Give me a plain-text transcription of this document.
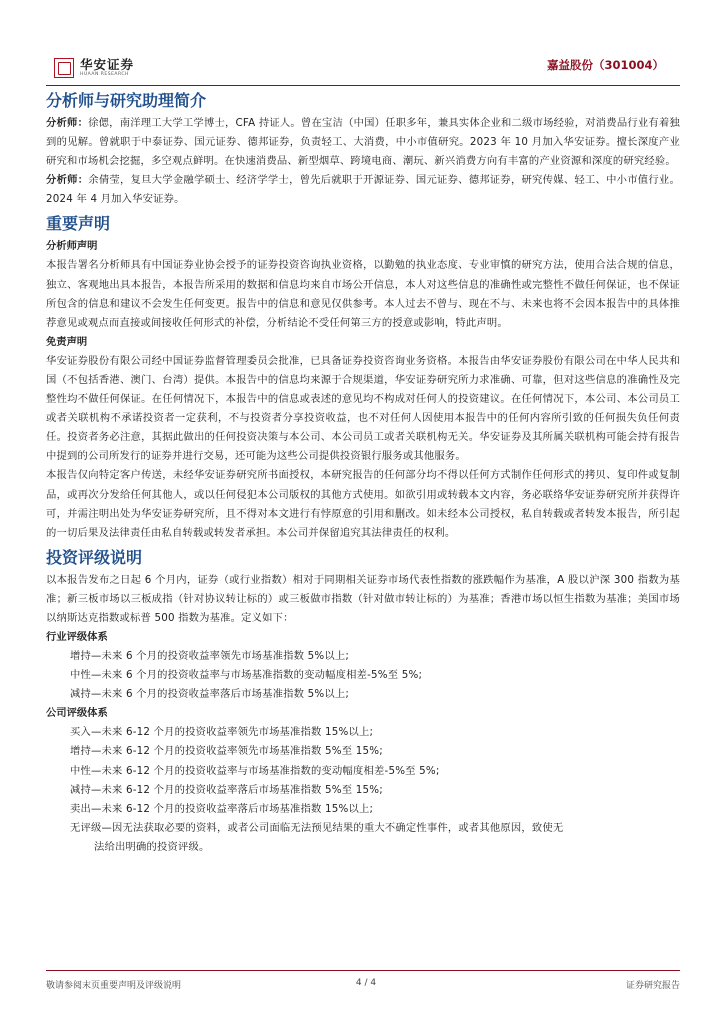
华安证券
HUAAN RESEARCH
嘉益股份（301004）
分析师与研究助理简介
分析师：徐偲，南洋理工大学工学博士，CFA 持证人。曾在宝洁（中国）任职多年，兼具实体企业和二级市场经验，对消费品行业有着独到的见解。曾就职于中泰证券、国元证券、德邦证券，负责轻工、大消费，中小市值研究。2023 年 10 月加入华安证券。擅长深度产业研究和市场机会挖掘，多空观点鲜明。在快速消费品、新型烟草、跨境电商、潮玩、新兴消费方向有丰富的产业资源和深度的研究经验。
分析师：余倩莹，复旦大学金融学硕士、经济学学士，曾先后就职于开源证券、国元证券、德邦证券，研究传媒、轻工、中小市值行业。2024 年 4 月加入华安证券。
重要声明
分析师声明
本报告署名分析师具有中国证券业协会授予的证券投资咨询执业资格，以勤勉的执业态度、专业审慎的研究方法，使用合法合规的信息，独立、客观地出具本报告，本报告所采用的数据和信息均来自市场公开信息，本人对这些信息的准确性或完整性不做任何保证，也不保证所包含的信息和建议不会发生任何变更。报告中的信息和意见仅供参考。本人过去不曾与、现在不与、未来也将不会因本报告中的具体推荐意见或观点而直接或间接收任何形式的补偿，分析结论不受任何第三方的授意或影响，特此声明。
免责声明
华安证券股份有限公司经中国证券监督管理委员会批准，已具备证券投资咨询业务资格。本报告由华安证券股份有限公司在中华人民共和国（不包括香港、澳门、台湾）提供。本报告中的信息均来源于合规渠道，华安证券研究所力求准确、可靠，但对这些信息的准确性及完整性均不做任何保证。在任何情况下，本报告中的信息或表述的意见均不构成对任何人的投资建议。在任何情况下，本公司、本公司员工或者关联机构不承诺投资者一定获利，不与投资者分享投资收益，也不对任何人因使用本报告中的任何内容所引致的任何损失负任何责任。投资者务必注意，其据此做出的任何投资决策与本公司、本公司员工或者关联机构无关。华安证券及其所属关联机构可能会持有报告中提到的公司所发行的证券并进行交易，还可能为这些公司提供投资银行服务或其他服务。
本报告仅向特定客户传送，未经华安证券研究所书面授权，本研究报告的任何部分均不得以任何方式制作任何形式的拷贝、复印件或复制品，或再次分发给任何其他人，或以任何侵犯本公司版权的其他方式使用。如欲引用或转载本文内容，务必联络华安证券研究所并获得许可，并需注明出处为华安证券研究所，且不得对本文进行有悖原意的引用和删改。如未经本公司授权，私自转载或者转发本报告，所引起的一切后果及法律责任由私自转载或转发者承担。本公司并保留追究其法律责任的权利。
投资评级说明
以本报告发布之日起 6 个月内，证券（或行业指数）相对于同期相关证券市场代表性指数的涨跌幅作为基准，A 股以沪深 300 指数为基准；新三板市场以三板成指（针对协议转让标的）或三板做市指数（针对做市转让标的）为基准；香港市场以恒生指数为基准；美国市场以纳斯达克指数或标普 500 指数为基准。定义如下：
行业评级体系
增持—未来 6 个月的投资收益率领先市场基准指数 5%以上;
中性—未来 6 个月的投资收益率与市场基准指数的变动幅度相差-5%至 5%;
减持—未来 6 个月的投资收益率落后市场基准指数 5%以上;
公司评级体系
买入—未来 6-12 个月的投资收益率领先市场基准指数 15%以上;
增持—未来 6-12 个月的投资收益率领先市场基准指数 5%至 15%;
中性—未来 6-12 个月的投资收益率与市场基准指数的变动幅度相差-5%至 5%;
减持—未来 6-12 个月的投资收益率落后市场基准指数 5%至 15%;
卖出—未来 6-12 个月的投资收益率落后市场基准指数 15%以上;
无评级—因无法获取必要的资料，或者公司面临无法预见结果的重大不确定性事件，或者其他原因，致使无
法给出明确的投资评级。
敬请参阅末页重要声明及评级说明	4 / 4	证券研究报告
